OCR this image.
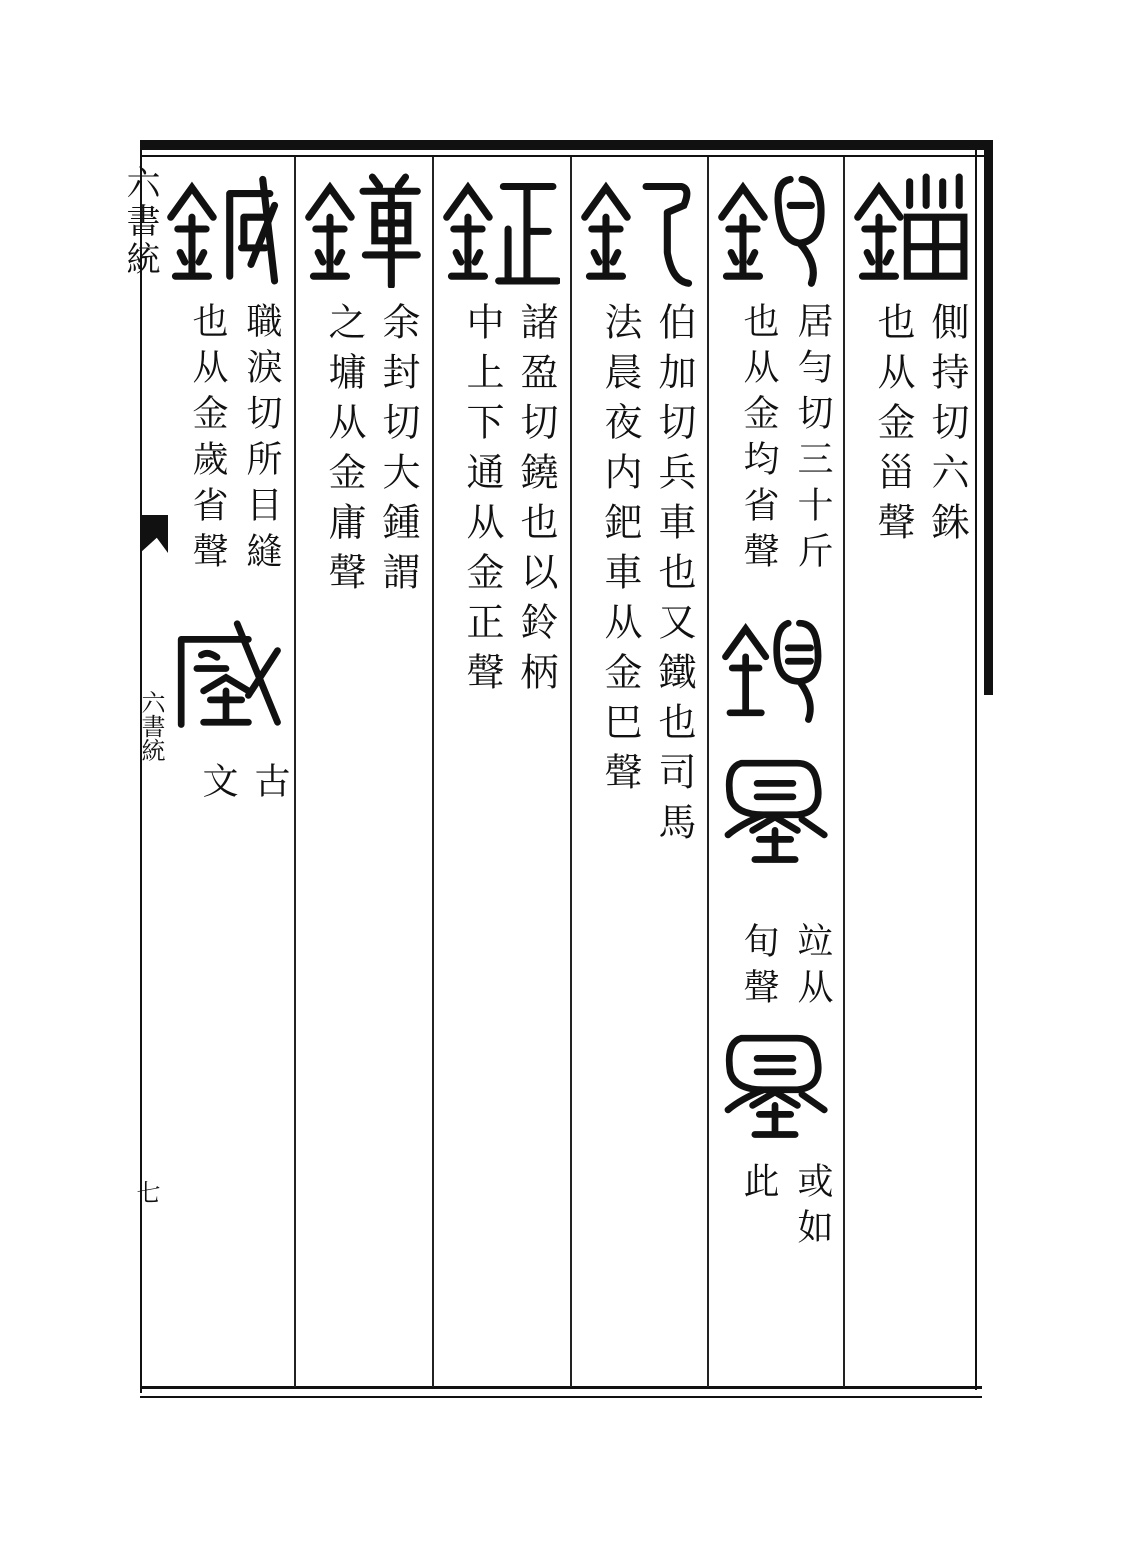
六書統
六書統
七
側持切六銖
也从金甾聲
居勻切三十斤
也从金均省聲
竝从
旬聲
或如
此
伯加切兵車也又鐵也司馬
法晨夜内鈀車从金巴聲
諸盈切鐃也以鈴柄
中上下通从金正聲
余封切大鍾謂
之墉从金庸聲
職淚切所目縫
也从金歲省聲
古
文
